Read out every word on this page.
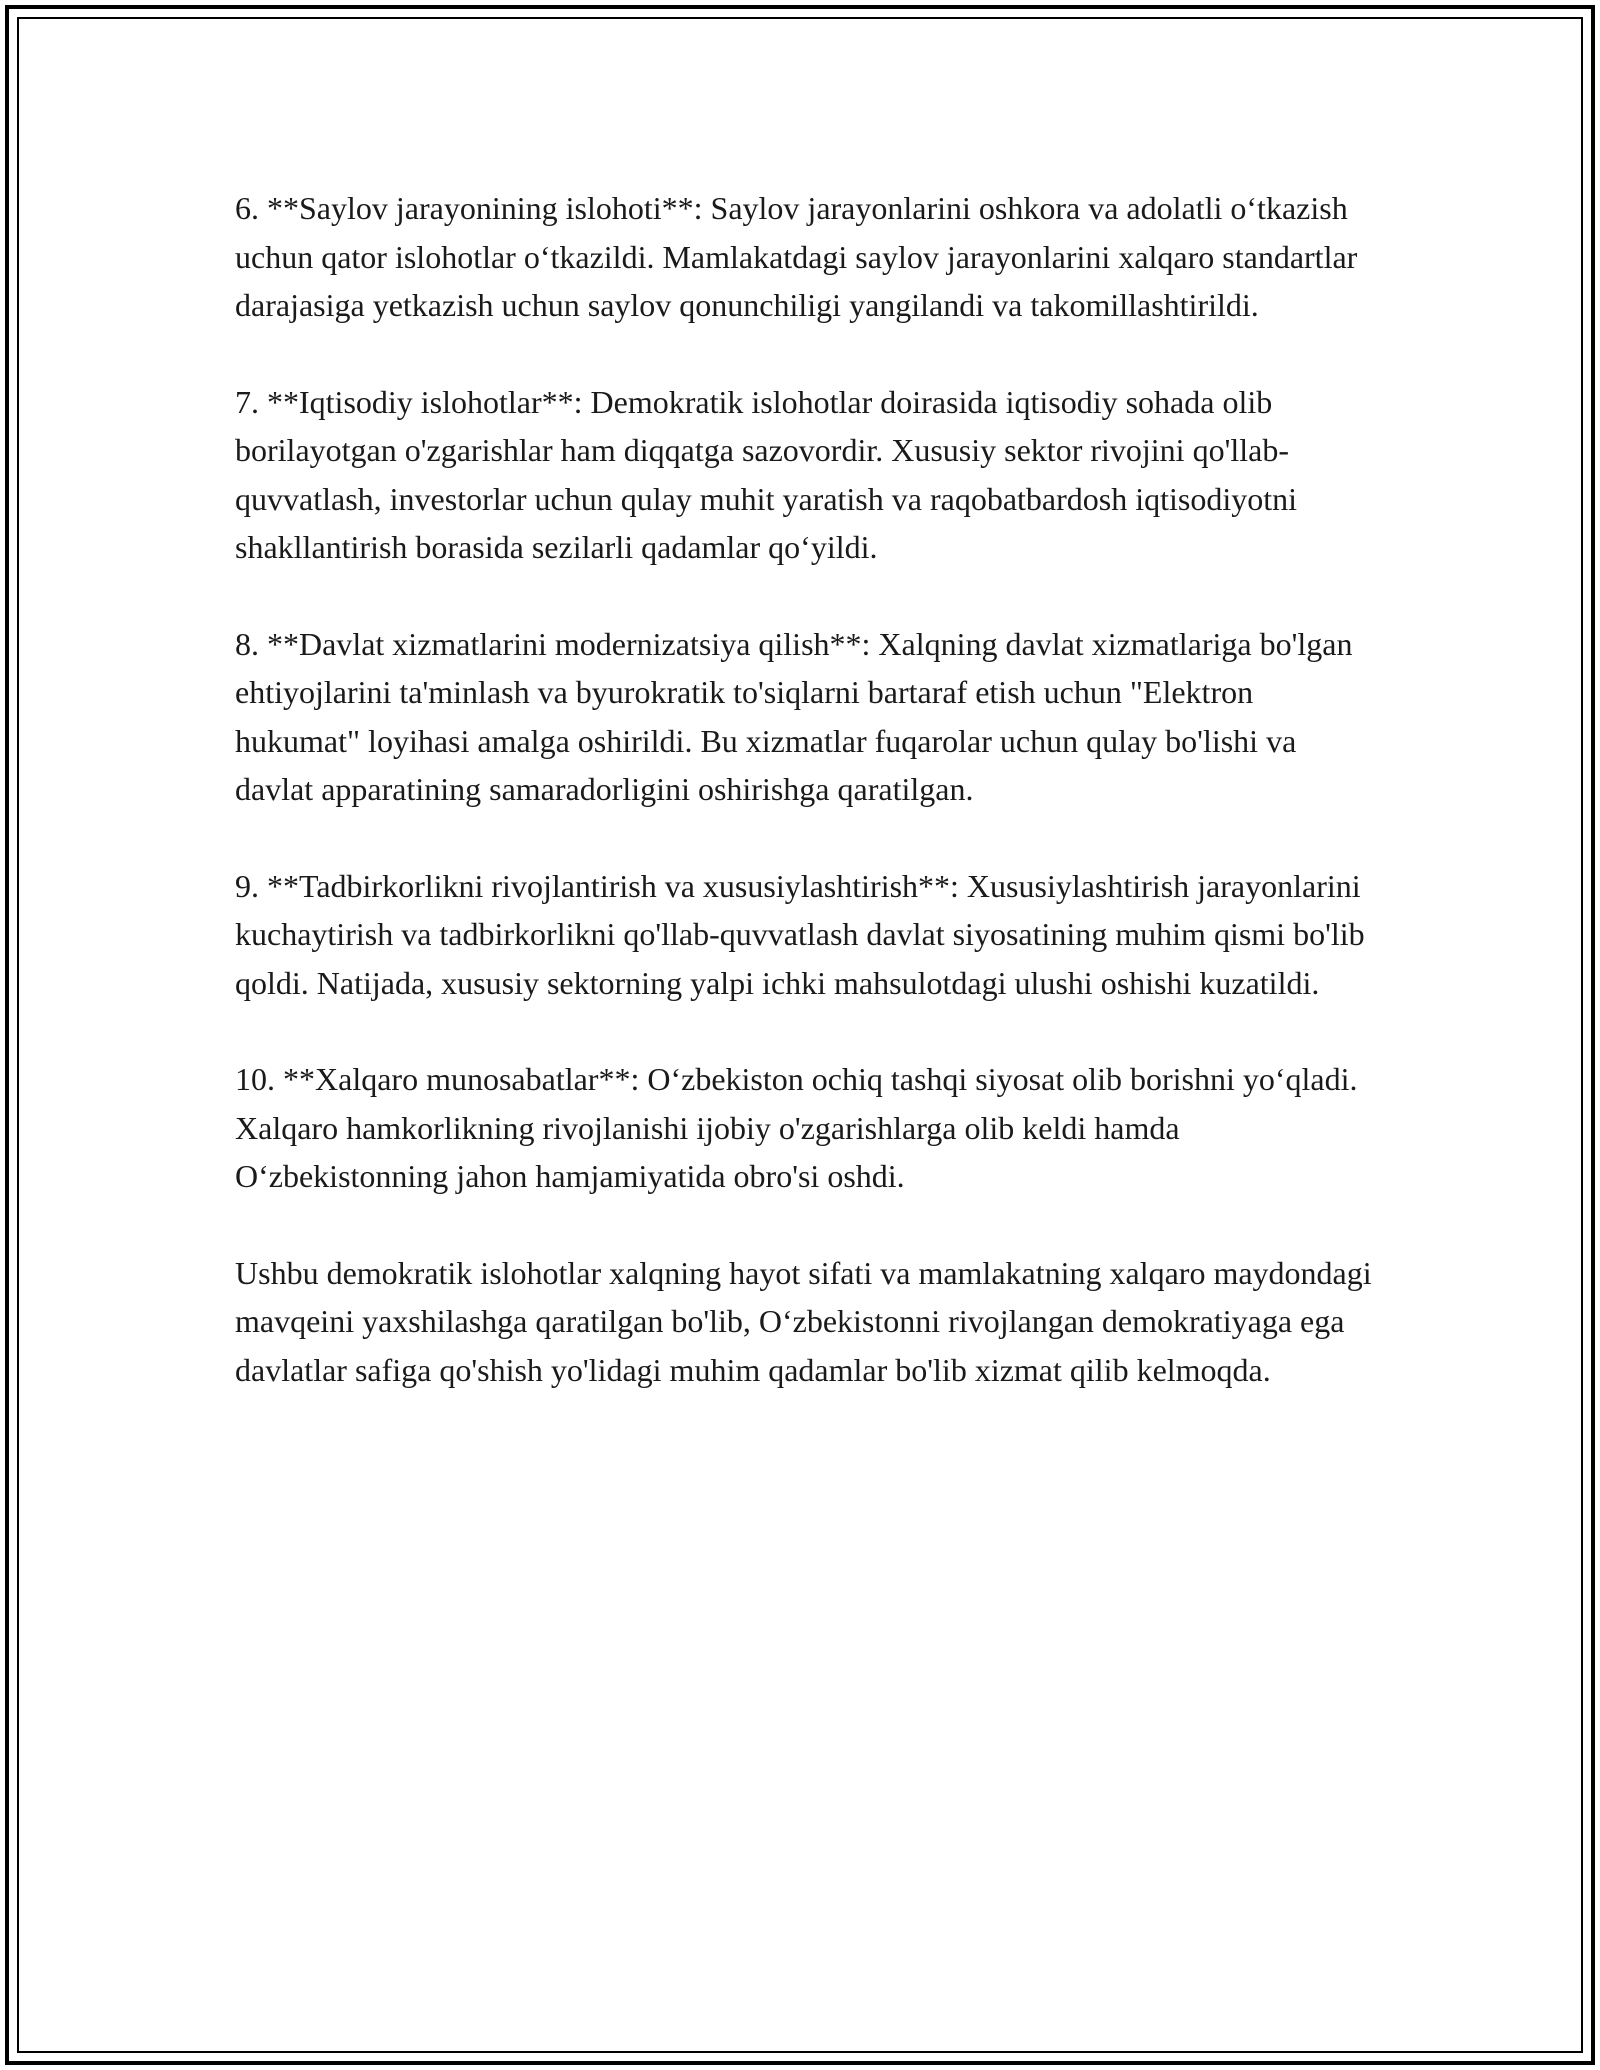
6. **Saylov jarayonining islohoti**: Saylov jarayonlarini oshkora va adolatli o‘tkazish uchun qator islohotlar o‘tkazildi. Mamlakatdagi saylov jarayonlarini xalqaro standartlar darajasiga yetkazish uchun saylov qonunchiligi yangilandi va takomillashtirildi.

7. **Iqtisodiy islohotlar**: Demokratik islohotlar doirasida iqtisodiy sohada olib borilayotgan o'zgarishlar ham diqqatga sazovordir. Xususiy sektor rivojini qo'llab-quvvatlash, investorlar uchun qulay muhit yaratish va raqobatbardosh iqtisodiyotni shakllantirish borasida sezilarli qadamlar qo‘yildi.

8. **Davlat xizmatlarini modernizatsiya qilish**: Xalqning davlat xizmatlariga bo'lgan ehtiyojlarini ta'minlash va byurokratik to'siqlarni bartaraf etish uchun "Elektron hukumat" loyihasi amalga oshirildi. Bu xizmatlar fuqarolar uchun qulay bo'lishi va davlat apparatining samaradorligini oshirishga qaratilgan.

9. **Tadbirkorlikni rivojlantirish va xususiylashtirish**: Xususiylashtirish jarayonlarini kuchaytirish va tadbirkorlikni qo'llab-quvvatlash davlat siyosatining muhim qismi bo'lib qoldi. Natijada, xususiy sektorning yalpi ichki mahsulotdagi ulushi oshishi kuzatildi.

10. **Xalqaro munosabatlar**: O‘zbekiston ochiq tashqi siyosat olib borishni yo‘qladi. Xalqaro hamkorlikning rivojlanishi ijobiy o'zgarishlarga olib keldi hamda O‘zbekistonning jahon hamjamiyatida obro'si oshdi.

Ushbu demokratik islohotlar xalqning hayot sifati va mamlakatning xalqaro maydondagi mavqeini yaxshilashga qaratilgan bo'lib, O‘zbekistonni rivojlangan demokratiyaga ega davlatlar safiga qo'shish yo'lidagi muhim qadamlar bo'lib xizmat qilib kelmoqda.
